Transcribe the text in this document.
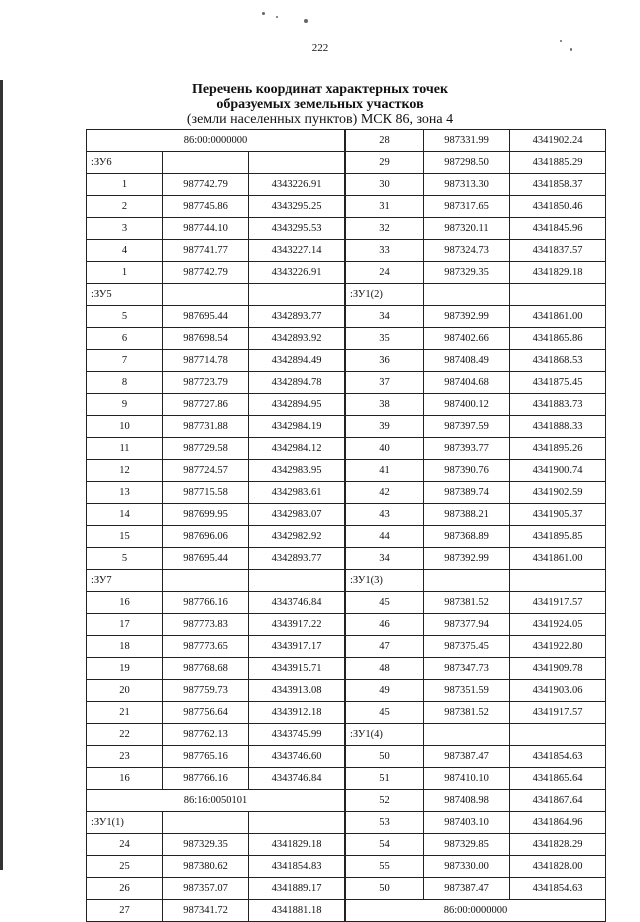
222
Перечень координат характерных точек
образуемых земельных участков
(земли населенных пунктов) МСК 86, зона 4
86:00:0000000		
:ЗУ6		
1	987742.79	4343226.91
2	987745.86	4343295.25
3	987744.10	4343295.53
4	987741.77	4343227.14
1	987742.79	4343226.91
:ЗУ5		
5	987695.44	4342893.77
6	987698.54	4342893.92
7	987714.78	4342894.49
8	987723.79	4342894.78
9	987727.86	4342894.95
10	987731.88	4342984.19
11	987729.58	4342984.12
12	987724.57	4342983.95
13	987715.58	4342983.61
14	987699.95	4342983.07
15	987696.06	4342982.92
5	987695.44	4342893.77
:ЗУ7		
16	987766.16	4343746.84
17	987773.83	4343917.22
18	987773.65	4343917.17
19	987768.68	4343915.71
20	987759.73	4343913.08
21	987756.64	4343912.18
22	987762.13	4343745.99
23	987765.16	4343746.60
16	987766.16	4343746.84
86:16:0050101		
:ЗУ1(1)		
24	987329.35	4341829.18
25	987380.62	4341854.83
26	987357.07	4341889.17
27	987341.72	4341881.18
28	987331.99	4341902.24
29	987298.50	4341885.29
30	987313.30	4341858.37
31	987317.65	4341850.46
32	987320.11	4341845.96
33	987324.73	4341837.57
24	987329.35	4341829.18
:ЗУ1(2)		
34	987392.99	4341861.00
35	987402.66	4341865.86
36	987408.49	4341868.53
37	987404.68	4341875.45
38	987400.12	4341883.73
39	987397.59	4341888.33
40	987393.77	4341895.26
41	987390.76	4341900.74
42	987389.74	4341902.59
43	987388.21	4341905.37
44	987368.89	4341895.85
34	987392.99	4341861.00
:ЗУ1(3)		
45	987381.52	4341917.57
46	987377.94	4341924.05
47	987375.45	4341922.80
48	987347.73	4341909.78
49	987351.59	4341903.06
45	987381.52	4341917.57
:ЗУ1(4)		
50	987387.47	4341854.63
51	987410.10	4341865.64
52	987408.98	4341867.64
53	987403.10	4341864.96
54	987329.85	4341828.29
55	987330.00	4341828.00
50	987387.47	4341854.63
86:00:0000000		
